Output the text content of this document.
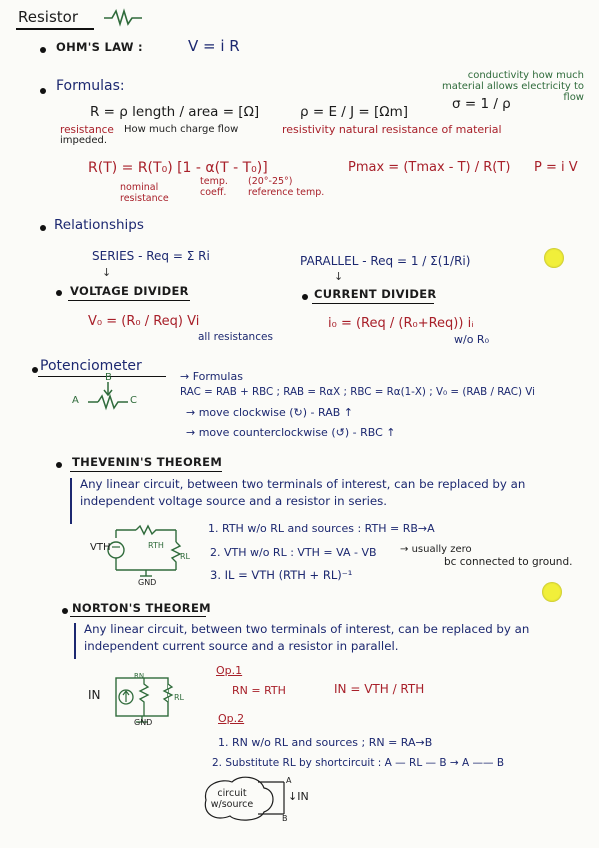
Resistor
OHM'S LAW :	V = i R
Formulas:
R = ρ length / area = [Ω]
resistance	How much charge flow impeded.
ρ = E / J = [Ωm]
resistivity natural resistance of material
σ = 1 / ρ
conductivity how much material allows electricity to flow
R(T) = R(T₀) [1 - α(T - T₀)]
nominal resistance
temp. coeff.
(20°-25°) reference temp.
Pmax = (Tmax - T) / R(T) P = i V
Relationships
SERIES - Req = Σ Ri	PARALLEL - Req = 1 / Σ(1/Ri)
↓	↓
VOLTAGE DIVIDER
V₀ = (R₀ / Req) Vi
all resistances
CURRENT DIVIDER
i₀ = (Req / (R₀+Req)) iᵢ
w/o R₀
Potenciometer
A
B
C
→ Formulas
RAC = RAB + RBC ; RAB = RαX ; RBC = Rα(1-X) ; V₀ = (RAB / RAC) Vi
→ move clockwise (↻) - RAB ↑
→ move counterclockwise (↺) - RBC ↑
THEVENIN'S THEOREM
Any linear circuit, between two terminals of interest, can be replaced by an independent voltage source and a resistor in series.
VTH	RTH
RL
GND
1. RTH w/o RL and sources : RTH = RB→A
2. VTH w/o RL : VTH = VA - VB → usually zero
bc connected to ground.
3. IL = VTH (RTH + RL)⁻¹
NORTON'S THEOREM
Any linear circuit, between two terminals of interest, can be replaced by an independent current source and a resistor in parallel.
IN
RN
RL
GND
Op.1
RN = RTH	IN = VTH / RTH
Op.2
1. RN w/o RL and sources ; RN = RA→B
2. Substitute RL by shortcircuit : A — RL — B → A —— B
circuit w/source
↓IN
A
B
